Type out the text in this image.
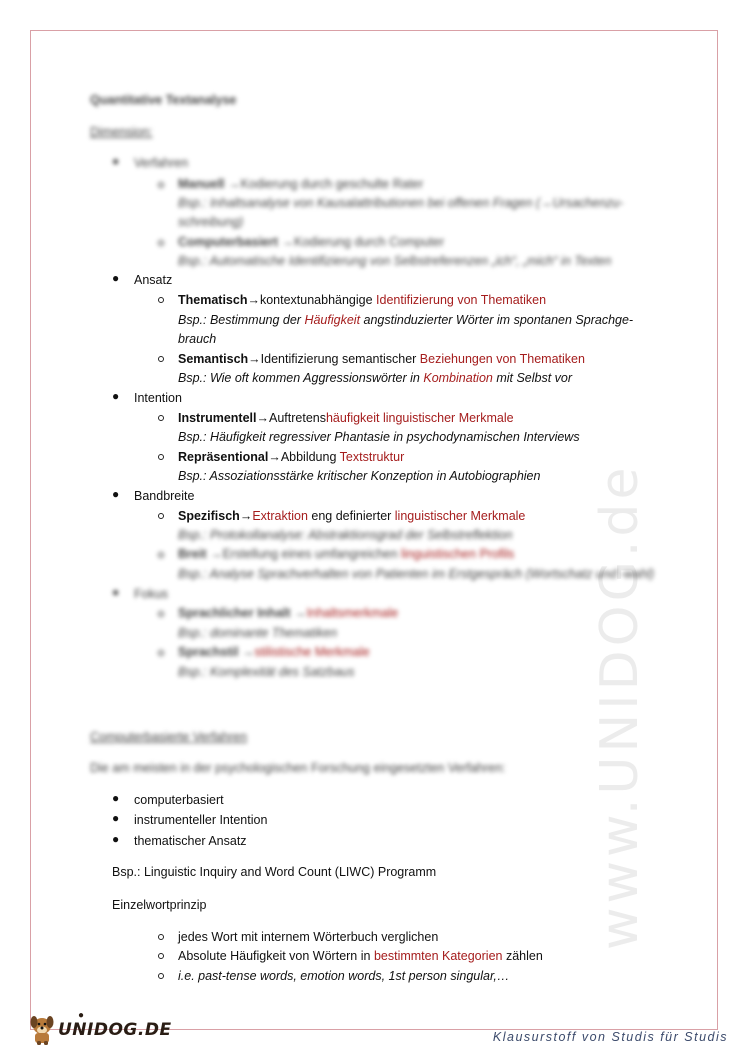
www.UNIDOG.de
Quantitative Textanalyse
Dimension:
● Verfahren
Manuell →Kodierung durch geschulte Rater
Bsp.: Inhaltsanalyse von Kausalattributionen bei offenen Fragen (→Ursachenzu-
schreibung)
Computerbasiert →Kodierung durch Computer
Bsp.: Automatische Identifizierung von Selbstreferenzen „ich“, „mich“ in Texten
● Ansatz
Thematisch→kontextunabhängige Identifizierung von Thematiken
Bsp.: Bestimmung der Häufigkeit angstinduzierter Wörter im spontanen Sprachge-
brauch
Semantisch→Identifizierung semantischer Beziehungen von Thematiken
Bsp.: Wie oft kommen Aggressionswörter in Kombination mit Selbst vor
● Intention
Instrumentell→Auftretenshäufigkeit linguistischer Merkmale
Bsp.: Häufigkeit regressiver Phantasie in psychodynamischen Interviews
Repräsentional→Abbildung Textstruktur
Bsp.: Assoziationsstärke kritischer Konzeption in Autobiographien
● Bandbreite
Spezifisch→Extraktion eng definierter linguistischer Merkmale
Bsp.: Protokollanalyse: Abstraktionsgrad der Selbstreflektion
Breit →Erstellung eines umfangreichen linguistischen Profils
Bsp.: Analyse Sprachverhalten von Patienten im Erstgespräch (Wortschatz und -wahl)
● Fokus
Sprachlicher Inhalt →Inhaltsmerkmale
Bsp.: dominante Thematiken
Sprachstil →stilistische Merkmale
Bsp.: Komplexität des Satzbaus
Computerbasierte Verfahren
Die am meisten in der psychologischen Forschung eingesetzten Verfahren:
● computerbasiert
● instrumenteller Intention
● thematischer Ansatz
Bsp.: Linguistic Inquiry and Word Count (LIWC) Programm
Einzelwortprinzip
jedes Wort mit internem Wörterbuch verglichen
Absolute Häufigkeit von Wörtern in bestimmten Kategorien zählen
i.e. past-tense words, emotion words, 1st person singular,…
●
UNIDOG.DE	Klausurstoff von Studis für Studis
